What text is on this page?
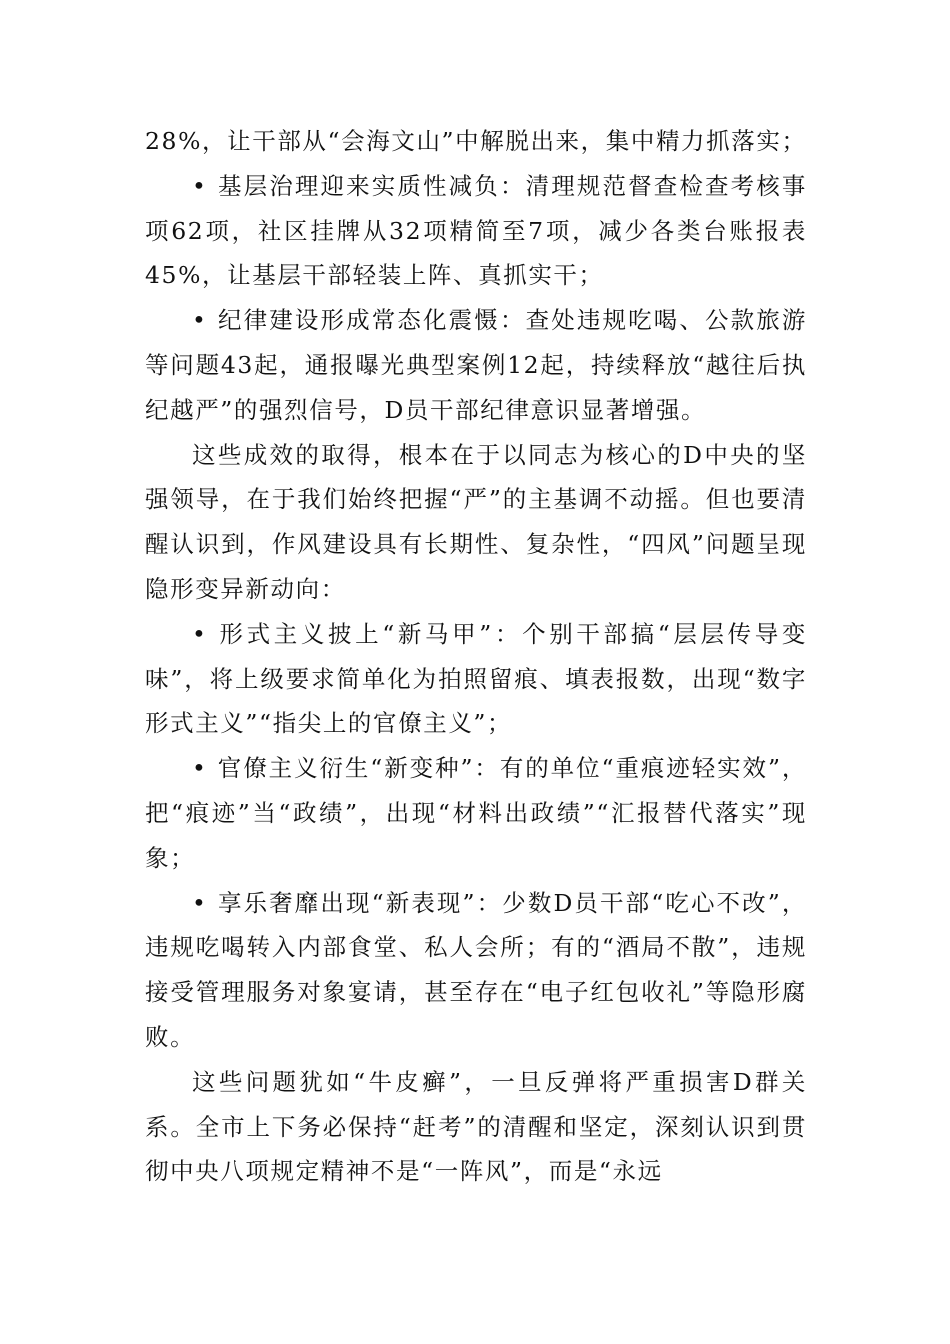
28%，让干部从“会海文山”中解脱出来，集中精力抓落实；

• 基层治理迎来实质性减负：清理规范督查检查考核事项62项，社区挂牌从32项精简至7项，减少各类台账报表45%，让基层干部轻装上阵、真抓实干；

• 纪律建设形成常态化震慑：查处违规吃喝、公款旅游等问题43起，通报曝光典型案例12起，持续释放“越往后执纪越严”的强烈信号，D员干部纪律意识显著增强。

这些成效的取得，根本在于以同志为核心的D中央的坚强领导，在于我们始终把握“严”的主基调不动摇。但也要清醒认识到，作风建设具有长期性、复杂性，“四风”问题呈现隐形变异新动向：

• 形式主义披上“新马甲”：个别干部搞“层层传导变味”，将上级要求简单化为拍照留痕、填表报数，出现“数字形式主义”“指尖上的官僚主义”；

• 官僚主义衍生“新变种”：有的单位“重痕迹轻实效”，把“痕迹”当“政绩”，出现“材料出政绩”“汇报替代落实”现象；

• 享乐奢靡出现“新表现”：少数D员干部“吃心不改”，违规吃喝转入内部食堂、私人会所；有的“酒局不散”，违规接受管理服务对象宴请，甚至存在“电子红包收礼”等隐形腐败。

这些问题犹如“牛皮癣”，一旦反弹将严重损害D群关系。全市上下务必保持“赶考”的清醒和坚定，深刻认识到贯彻中央八项规定精神不是“一阵风”，而是“永远
